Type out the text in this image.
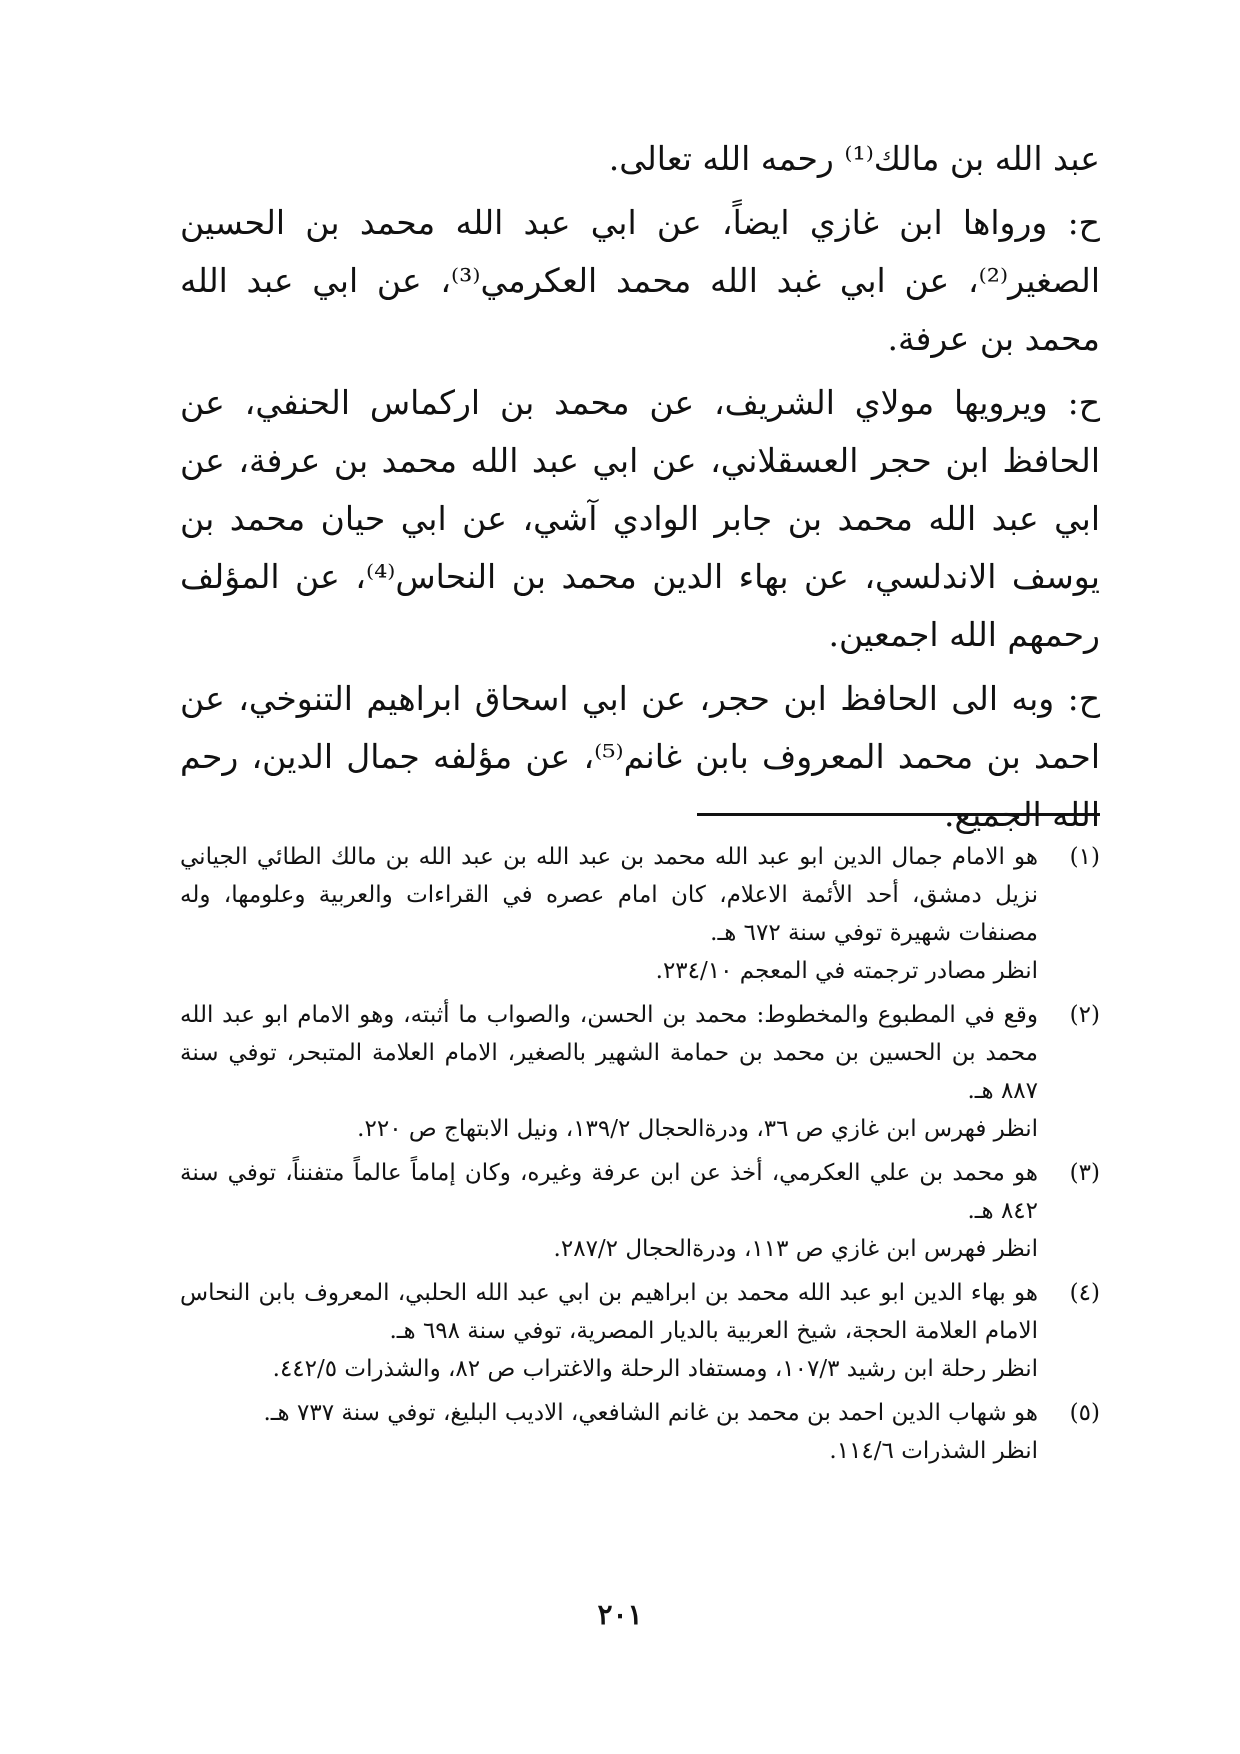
عبد الله بن مالك⁽¹⁾ رحمه الله تعالى.

ح: ورواها ابن غازي ايضاً، عن ابي عبد الله محمد بن الحسين الصغير⁽²⁾، عن ابي غبد الله محمد العكرمي⁽³⁾، عن ابي عبد الله محمد بن عرفة.

ح: ويرويها مولاي الشريف، عن محمد بن اركماس الحنفي، عن الحافظ ابن حجر العسقلاني، عن ابي عبد الله محمد بن عرفة، عن ابي عبد الله محمد بن جابر الوادي آشي، عن ابي حيان محمد بن يوسف الاندلسي، عن بهاء الدين محمد بن النحاس⁽⁴⁾، عن المؤلف رحمهم الله اجمعين.

ح: وبه الى الحافظ ابن حجر، عن ابي اسحاق ابراهيم التنوخي، عن احمد بن محمد المعروف بابن غانم⁽⁵⁾، عن مؤلفه جمال الدين، رحم الله الجميع.

(١)

هو الامام جمال الدين ابو عبد الله محمد بن عبد الله بن عبد الله بن مالك الطائي الجياني نزيل دمشق، أحد الأئمة الاعلام، كان امام عصره في القراءات والعربية وعلومها، وله مصنفات شهيرة توفي سنة ٦٧٢ هـ.

انظر مصادر ترجمته في المعجم ٢٣٤/١٠.

(٢)

وقع في المطبوع والمخطوط: محمد بن الحسن، والصواب ما أثبته، وهو الامام ابو عبد الله محمد بن الحسين بن محمد بن حمامة الشهير بالصغير، الامام العلامة المتبحر، توفي سنة ٨٨٧ هـ.

انظر فهرس ابن غازي ص ٣٦، ودرةالحجال ١٣٩/٢، ونيل الابتهاج ص ٢٢٠.

(٣)

هو محمد بن علي العكرمي، أخذ عن ابن عرفة وغيره، وكان إماماً عالماً متفنناً، توفي سنة ٨٤٢ هـ.

انظر فهرس ابن غازي ص ١١٣، ودرةالحجال ٢٨٧/٢.

(٤)

هو بهاء الدين ابو عبد الله محمد بن ابراهيم بن ابي عبد الله الحلبي، المعروف بابن النحاس الامام العلامة الحجة، شيخ العربية بالديار المصرية، توفي سنة ٦٩٨ هـ.

انظر رحلة ابن رشيد ١٠٧/٣، ومستفاد الرحلة والاغتراب ص ٨٢، والشذرات ٤٤٢/٥.

(٥)

هو شهاب الدين احمد بن محمد بن غانم الشافعي، الاديب البليغ، توفي سنة ٧٣٧ هـ.

انظر الشذرات ١١٤/٦.

٢٠١
